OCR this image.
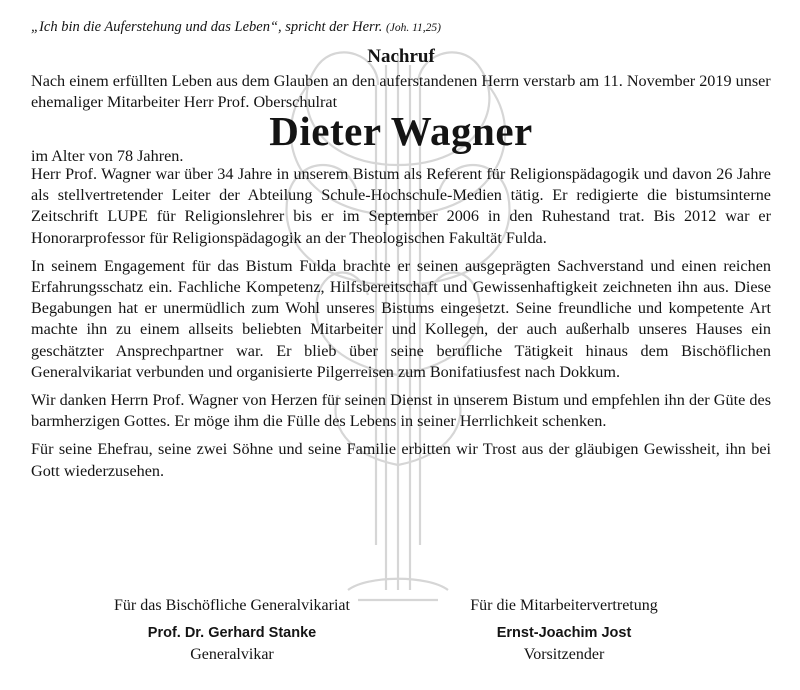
„Ich bin die Auferstehung und das Leben“, spricht der Herr. (Joh. 11,25)

Nachruf

Nach einem erfüllten Leben aus dem Glauben an den auferstandenen Herrn verstarb am 11. November 2019 unser ehemaliger Mitarbeiter Herr Prof. Oberschulrat

Dieter Wagner
im Alter von 78 Jahren.

Herr Prof. Wagner war über 34 Jahre in unserem Bistum als Referent für Religionspädagogik und davon 26 Jahre als stellvertretender Leiter der Abteilung Schule-Hochschule-Medien tätig. Er redigierte die bistumsinterne Zeitschrift LUPE für Religionslehrer bis er im September 2006 in den Ruhestand trat. Bis 2012 war er Honorarprofessor für Religionspädagogik an der Theologischen Fakultät Fulda.

In seinem Engagement für das Bistum Fulda brachte er seinen ausgeprägten Sachverstand und einen reichen Erfahrungsschatz ein. Fachliche Kompetenz, Hilfsbereitschaft und Gewissenhaftigkeit zeichneten ihn aus. Diese Begabungen hat er unermüdlich zum Wohl unseres Bistums eingesetzt. Seine freundliche und kompetente Art machte ihn zu einem allseits beliebten Mitarbeiter und Kollegen, der auch außerhalb unseres Hauses ein geschätzter Ansprechpartner war. Er blieb über seine berufliche Tätigkeit hinaus dem Bischöflichen Generalvikariat verbunden und organisierte Pilgerreisen zum Bonifatiusfest nach Dokkum.

Wir danken Herrn Prof. Wagner von Herzen für seinen Dienst in unserem Bistum und empfehlen ihn der Güte des barmherzigen Gottes. Er möge ihm die Fülle des Lebens in seiner Herrlichkeit schenken.

Für seine Ehefrau, seine zwei Söhne und seine Familie erbitten wir Trost aus der gläubigen Gewissheit, ihn bei Gott wiederzusehen.

Für das Bischöfliche Generalvikariat
Prof. Dr. Gerhard Stanke
Generalvikar
Für die Mitarbeitervertretung
Ernst-Joachim Jost
Vorsitzender
